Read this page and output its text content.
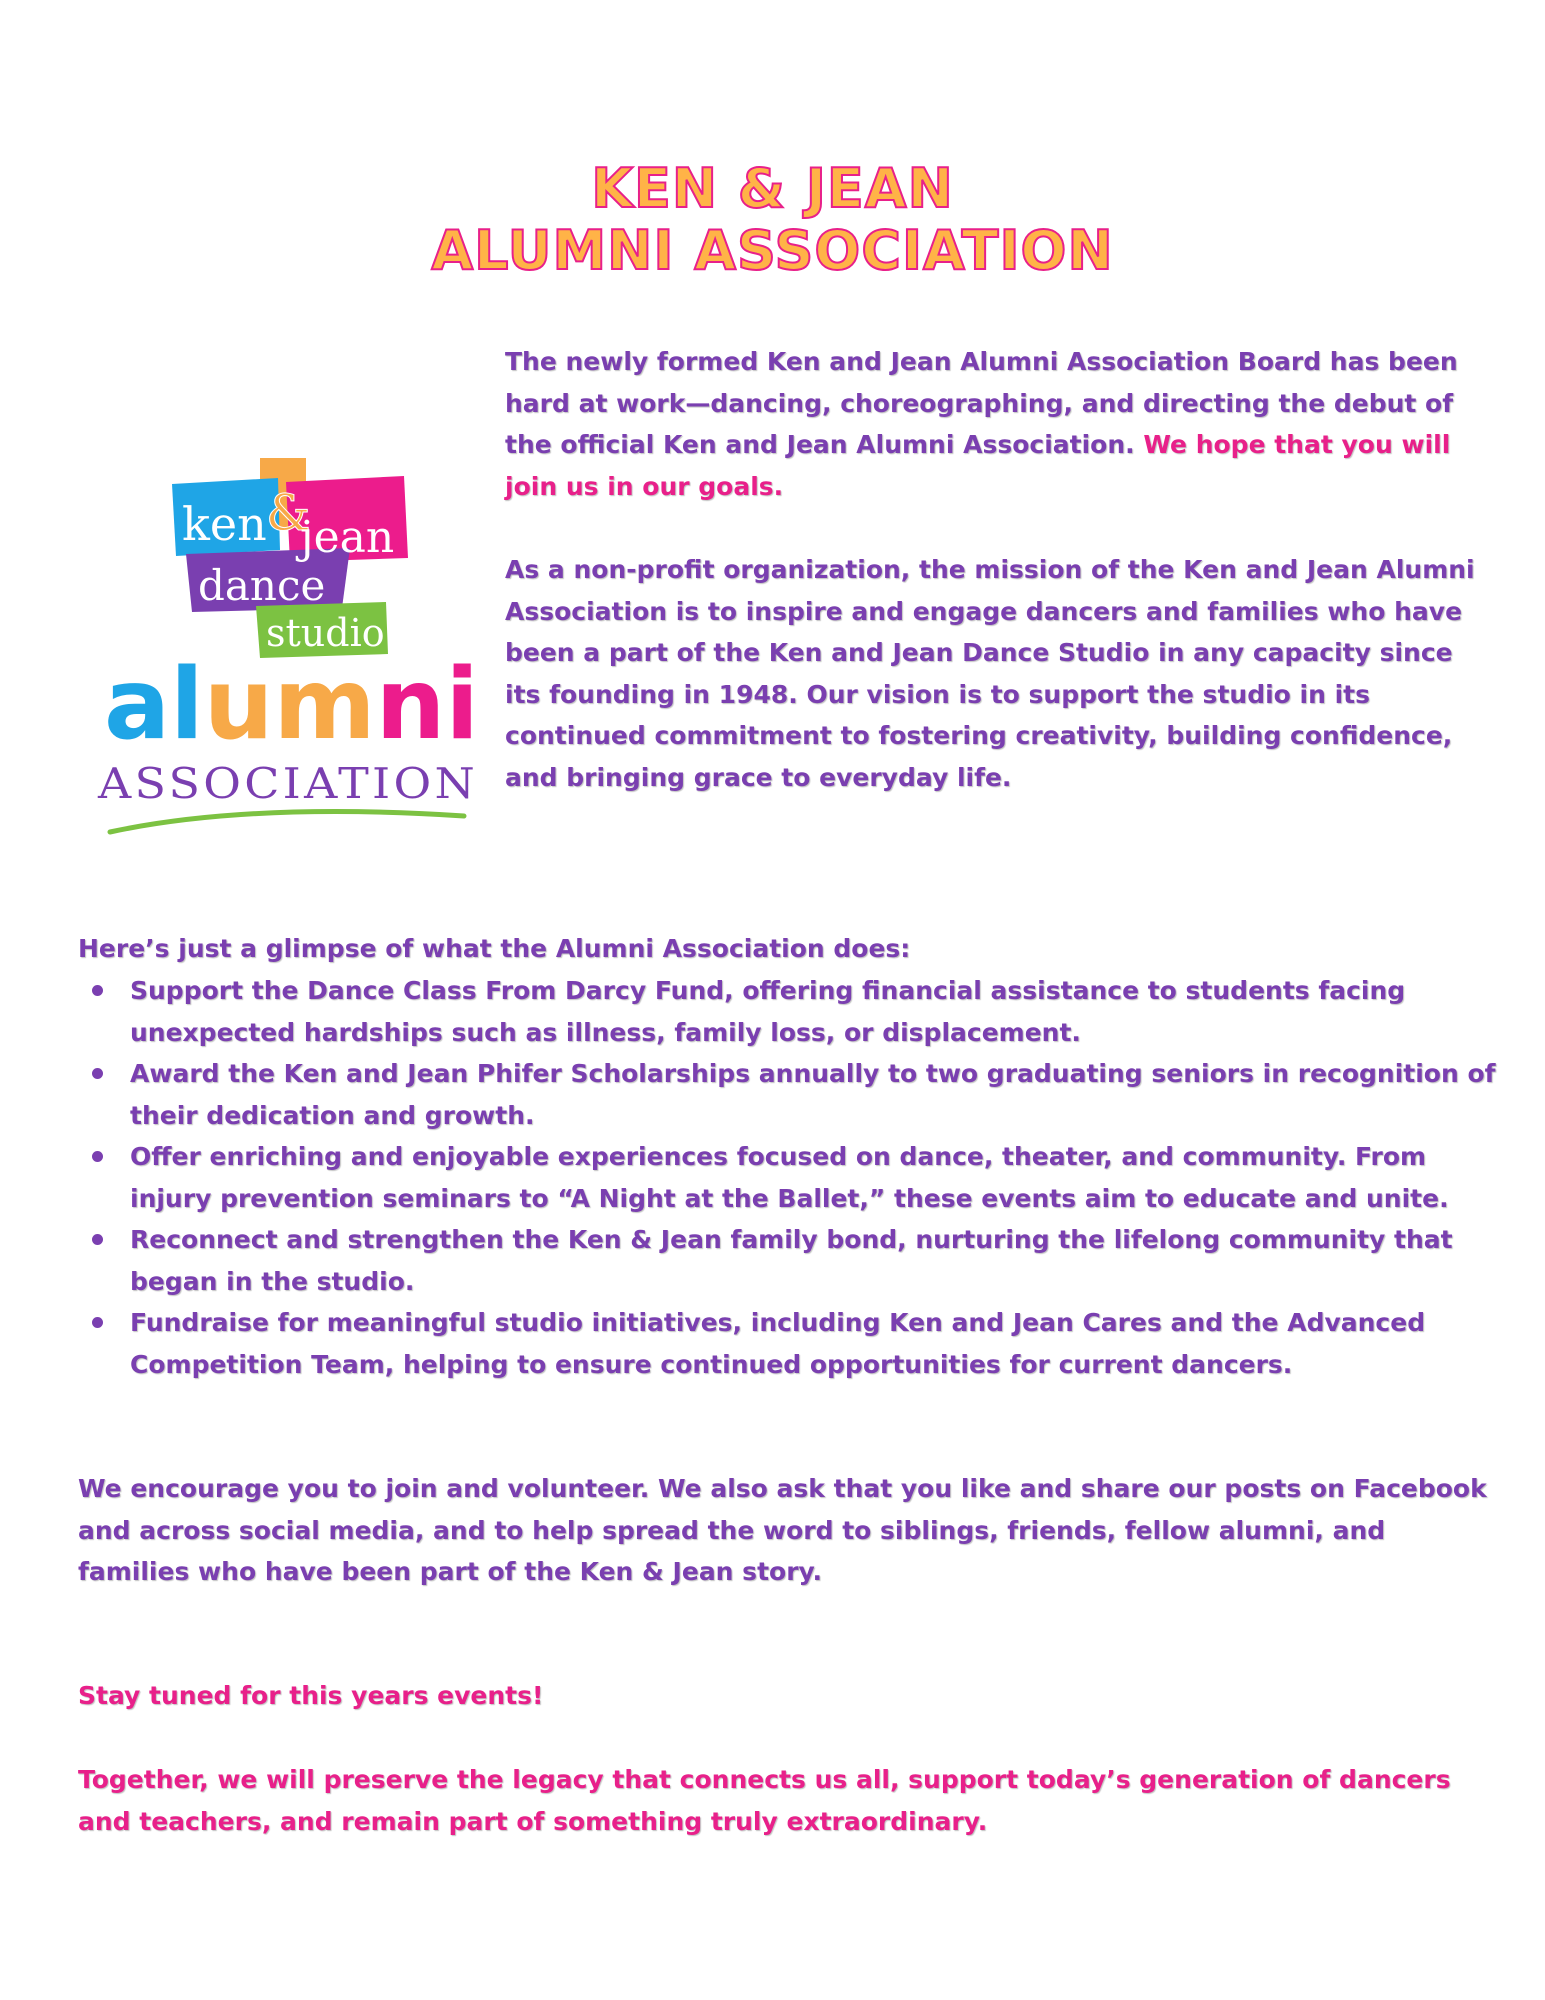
KEN & JEAN
ALUMNI ASSOCIATION
ken &
jean
dance
studio
alumni
ASSOCIATION

The newly formed Ken and Jean Alumni Association Board has been hard at work—dancing, choreographing, and directing the debut of the official Ken and Jean Alumni Association. We hope that you will join us in our goals.

As a non-profit organization, the mission of the Ken and Jean Alumni Association is to inspire and engage dancers and families who have been a part of the Ken and Jean Dance Studio in any capacity since its founding in 1948. Our vision is to support the studio in its continued commitment to fostering creativity, building confidence, and bringing grace to everyday life.

Here’s just a glimpse of what the Alumni Association does:

Support the Dance Class From Darcy Fund, offering financial assistance to students facing unexpected hardships such as illness, family loss, or displacement.
Award the Ken and Jean Phifer Scholarships annually to two graduating seniors in recognition of their dedication and growth.
Offer enriching and enjoyable experiences focused on dance, theater, and community. From injury prevention seminars to “A Night at the Ballet,” these events aim to educate and unite.
Reconnect and strengthen the Ken & Jean family bond, nurturing the lifelong community that began in the studio.
Fundraise for meaningful studio initiatives, including Ken and Jean Cares and the Advanced Competition Team, helping to ensure continued opportunities for current dancers.

We encourage you to join and volunteer. We also ask that you like and share our posts on Facebook and across social media, and to help spread the word to siblings, friends, fellow alumni, and families who have been part of the Ken & Jean story.

Stay tuned for this years events!

Together, we will preserve the legacy that connects us all, support today’s generation of dancers and teachers, and remain part of something truly extraordinary.
